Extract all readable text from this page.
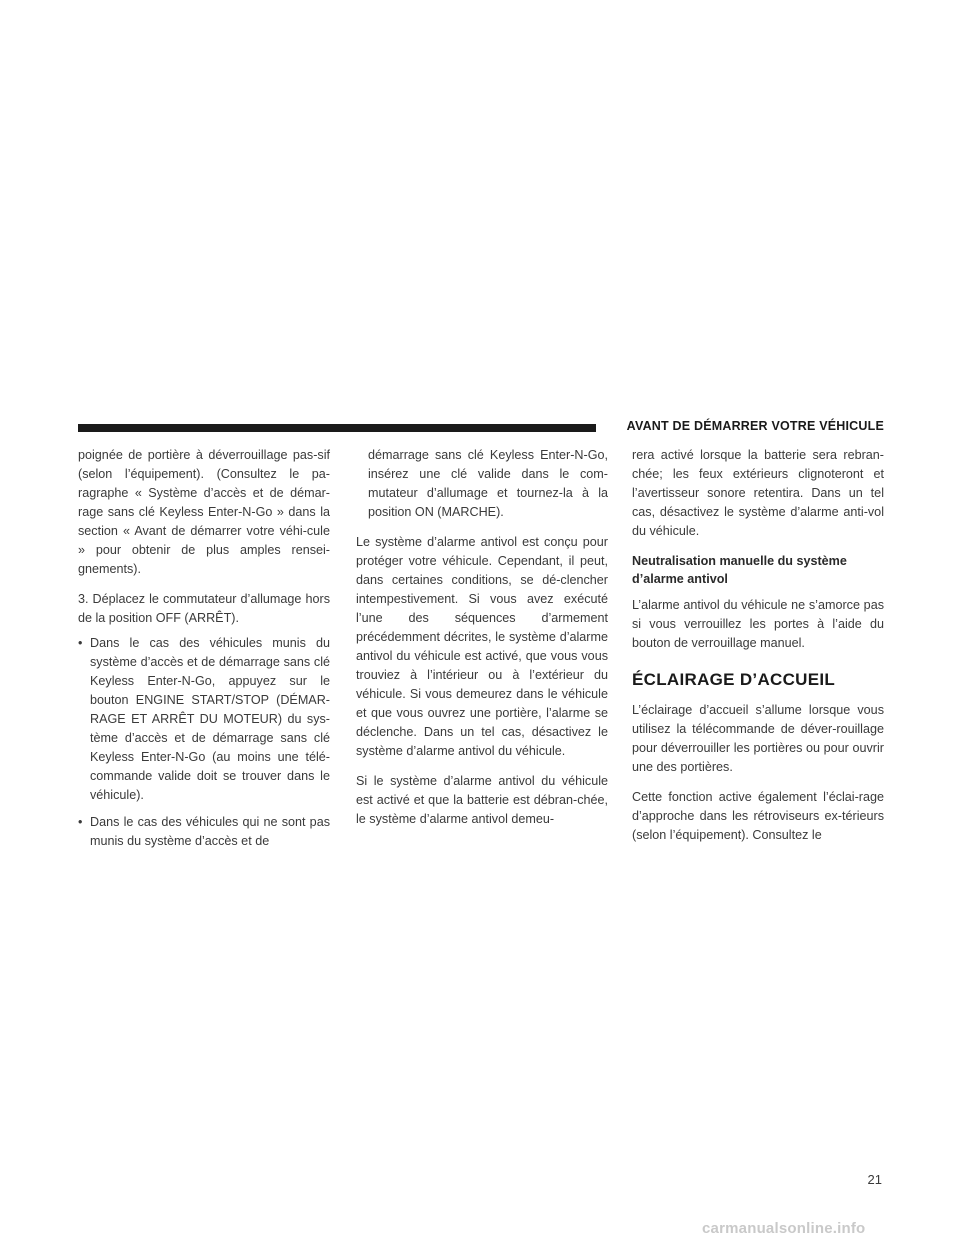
AVANT DE DÉMARRER VOTRE VÉHICULE

poignée de portière à déverrouillage pas-sif (selon l’équipement). (Consultez le pa-ragraphe « Système d’accès et de démar-rage sans clé Keyless Enter-N-Go » dans la section « Avant de démarrer votre véhi-cule » pour obtenir de plus amples rensei-gnements).

3. Déplacez le commutateur d’allumage hors de la position OFF (ARRÊT).

• Dans le cas des véhicules munis du système d’accès et de démarrage sans clé Keyless Enter-N-Go, appuyez sur le bouton ENGINE START/STOP (DÉMAR-RAGE ET ARRÊT DU MOTEUR) du sys-tème d’accès et de démarrage sans clé Keyless Enter-N-Go (au moins une télé-commande valide doit se trouver dans le véhicule).
• Dans le cas des véhicules qui ne sont pas munis du système d’accès et de
démarrage sans clé Keyless Enter-N-Go, insérez une clé valide dans le com-mutateur d’allumage et tournez-la à la position ON (MARCHE).

Le système d’alarme antivol est conçu pour protéger votre véhicule. Cependant, il peut, dans certaines conditions, se dé-clencher intempestivement. Si vous avez exécuté l’une des séquences d’armement précédemment décrites, le système d’alarme antivol du véhicule est activé, que vous vous trouviez à l’intérieur ou à l’extérieur du véhicule. Si vous demeurez dans le véhicule et que vous ouvrez une portière, l’alarme se déclenche. Dans un tel cas, désactivez le système d’alarme antivol du véhicule.

Si le système d’alarme antivol du véhicule est activé et que la batterie est débran-chée, le système d’alarme antivol demeu-

rera activé lorsque la batterie sera rebran-chée; les feux extérieurs clignoteront et l’avertisseur sonore retentira. Dans un tel cas, désactivez le système d’alarme anti-vol du véhicule.

Neutralisation manuelle du système d’alarme antivol

L’alarme antivol du véhicule ne s’amorce pas si vous verrouillez les portes à l’aide du bouton de verrouillage manuel.

ÉCLAIRAGE D’ACCUEIL

L’éclairage d’accueil s’allume lorsque vous utilisez la télécommande de déver-rouillage pour déverrouiller les portières ou pour ouvrir une des portières.

Cette fonction active également l’éclai-rage d’approche dans les rétroviseurs ex-térieurs (selon l’équipement). Consultez le

21
carmanualsonline.info
